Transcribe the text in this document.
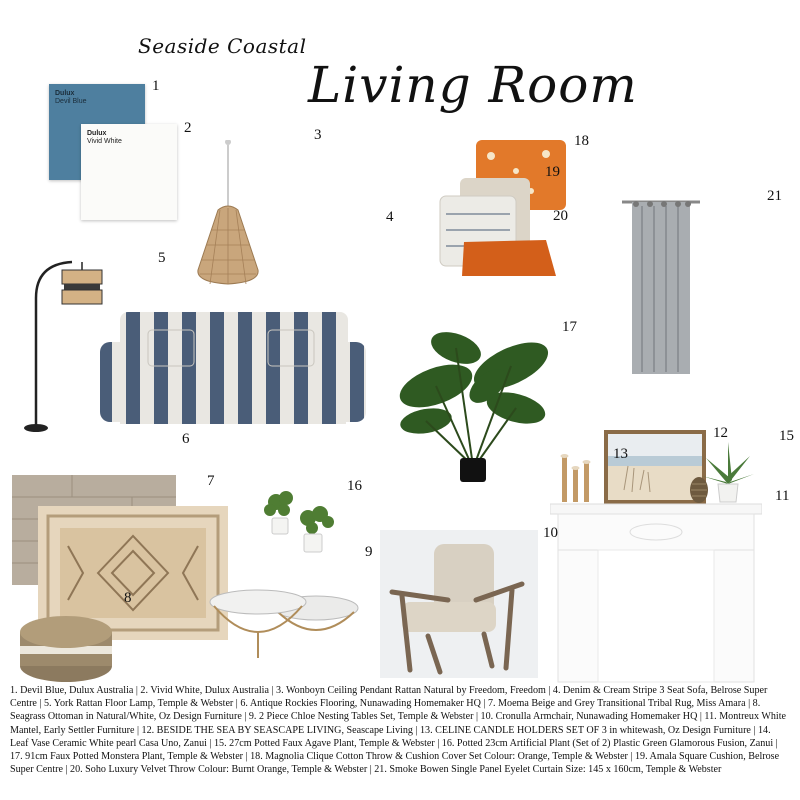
Seaside Coastal
Living Room
Dulux
Devil Blue
Dulux
Vivid White
1
2	3
4
5
6
7
8
9
10
11
12
13
15
16
17
18
19
20
21
1. Devil Blue, Dulux Australia | 2. Vivid White, Dulux Australia | 3. Wonboyn Ceiling Pendant Rattan Natural by Freedom, Freedom | 4. Denim & Cream Stripe 3 Seat Sofa, Belrose Super Centre | 5. York Rattan Floor Lamp, Temple & Webster | 6. Antique Rockies Flooring, Nunawading Homemaker HQ | 7. Moema Beige and Grey Transitional Tribal Rug, Miss Amara | 8. Seagrass Ottoman in Natural/White, Oz Design Furniture | 9. 2 Piece Chloe Nesting Tables Set, Temple & Webster | 10. Cronulla Armchair, Nunawading Homemaker HQ | 11. Montreux White Mantel, Early Settler Furniture | 12. BESIDE THE SEA BY SEASCAPE LIVING, Seascape Living | 13. CELINE CANDLE HOLDERS SET OF 3 in whitewash, Oz Design Furniture | 14. Leaf Vase Ceramic White pearl Casa Uno, Zanui | 15. 27cm Potted Faux Agave Plant, Temple & Webster | 16. Potted 23cm Artificial Plant (Set of 2) Plastic Green Glamorous Fusion, Zanui | 17. 91cm Faux Potted Monstera Plant, Temple & Webster | 18. Magnolia Clique Cotton Throw & Cushion Cover Set Colour: Orange, Temple & Webster | 19. Amala Square Cushion, Belrose Super Centre | 20. Soho Luxury Velvet Throw Colour: Burnt Orange, Temple & Webster | 21. Smoke Bowen Single Panel Eyelet Curtain Size: 145 x 160cm, Temple & Webster
